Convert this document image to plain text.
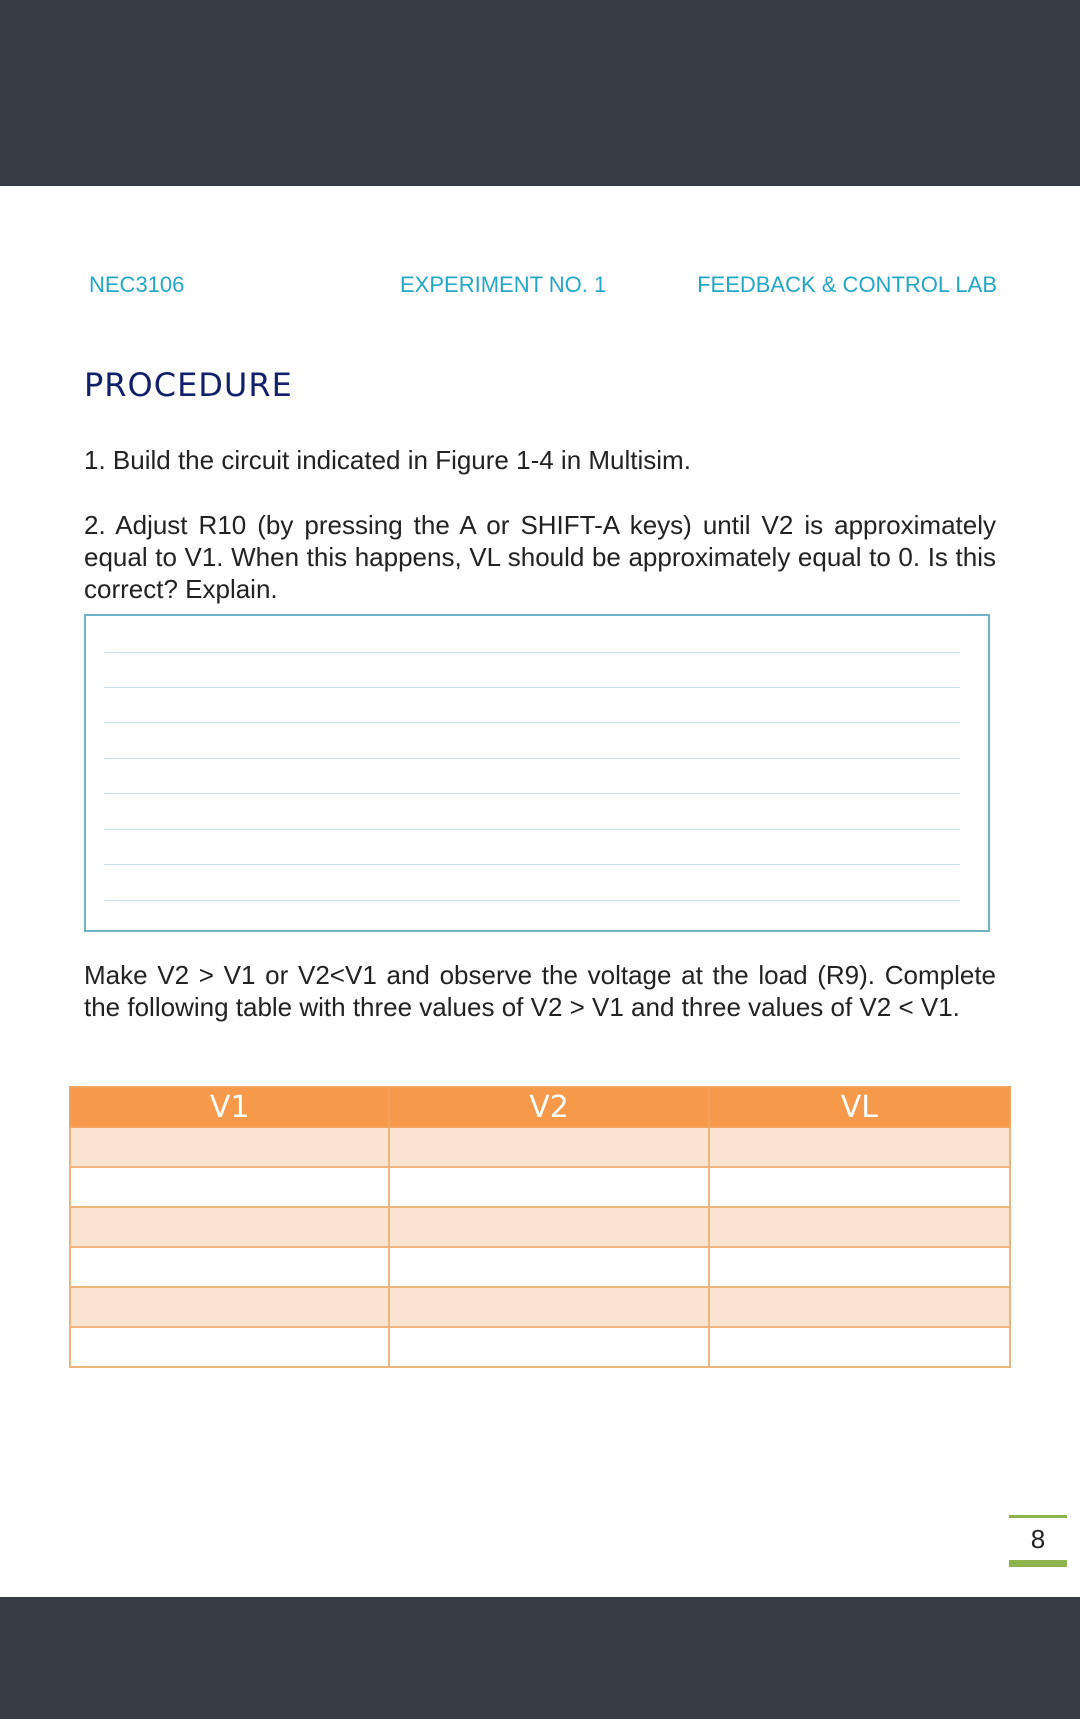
NEC3106	EXPERIMENT NO. 1	FEEDBACK & CONTROL LAB
PROCEDURE
1. Build the circuit indicated in Figure 1-4 in Multisim.
2. Adjust R10 (by pressing the A or SHIFT-A keys) until V2 is approximately equal to V1. When this happens, VL should be approximately equal to 0. Is this correct? Explain.
Make V2 > V1 or V2<V1 and observe the voltage at the load (R9). Complete the following table with three values of V2 > V1 and three values of V2 < V1.
V1	V2	VL

8
